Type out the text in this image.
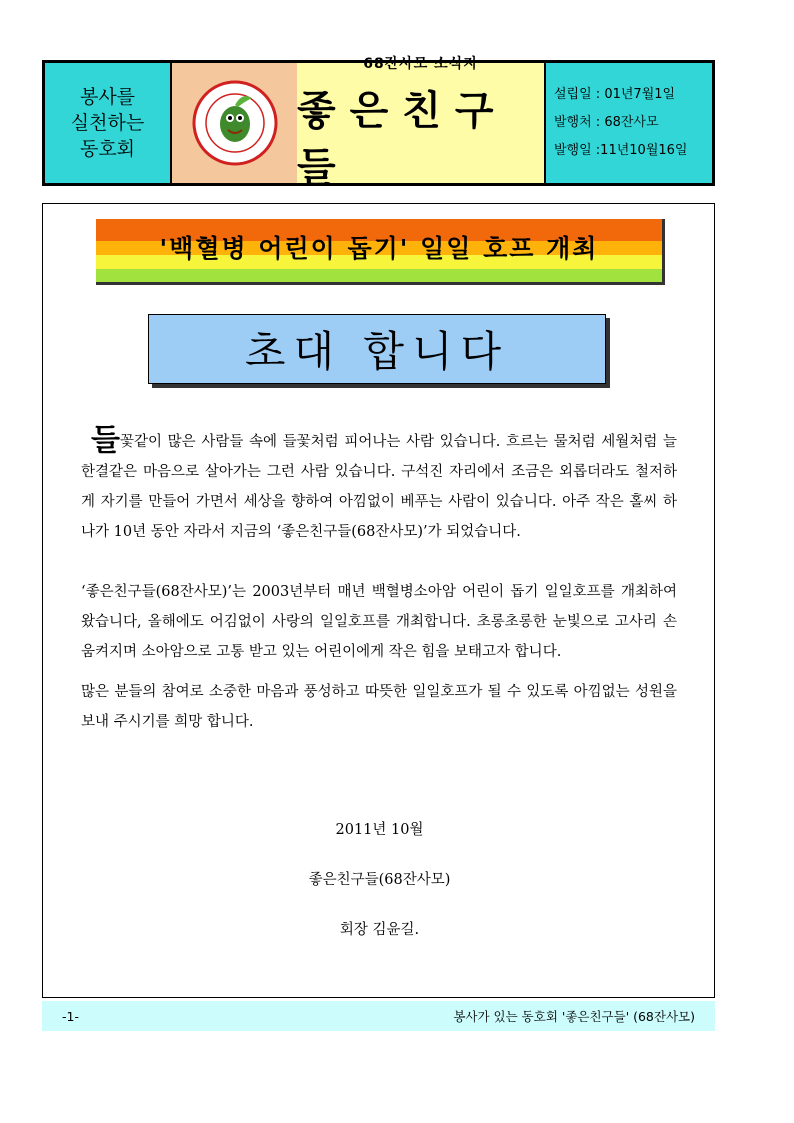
봉사를
실천하는
동호회
68잔사모 소식지
좋은친구들
설립일 : 01년7월1일
발행처 : 68잔사모
발행일 :11년10월16일
'백혈병 어린이 돕기' 일일 호프 개최
초대 합니다

들꽃같이 많은 사람들 속에 들꽃처럼 피어나는 사람 있습니다. 흐르는 물처럼 세월처럼 늘 한결같은 마음으로 살아가는 그런 사람 있습니다. 구석진 자리에서 조금은 외롭더라도 철저하게 자기를 만들어 가면서 세상을 향하여 아낌없이 베푸는 사람이 있습니다. 아주 작은 홀씨 하나가 10년 동안 자라서 지금의 ‘좋은친구들(68잔사모)’가 되었습니다.

‘좋은친구들(68잔사모)’는 2003년부터 매년 백혈병소아암 어린이 돕기 일일호프를 개최하여 왔습니다, 올해에도 어김없이 사랑의 일일호프를 개최합니다. 초롱초롱한 눈빛으로 고사리 손 움켜지며 소아암으로 고통 받고 있는 어린이에게 작은 힘을 보태고자 합니다.

많은 분들의 참여로 소중한 마음과 풍성하고 따뜻한 일일호프가 될 수 있도록 아낌없는 성원을 보내 주시기를 희망 합니다.

2011년 10월
좋은친구들(68잔사모)
회장 김윤길.
-1-	봉사가 있는 동호회 '좋은친구들' (68잔사모)
